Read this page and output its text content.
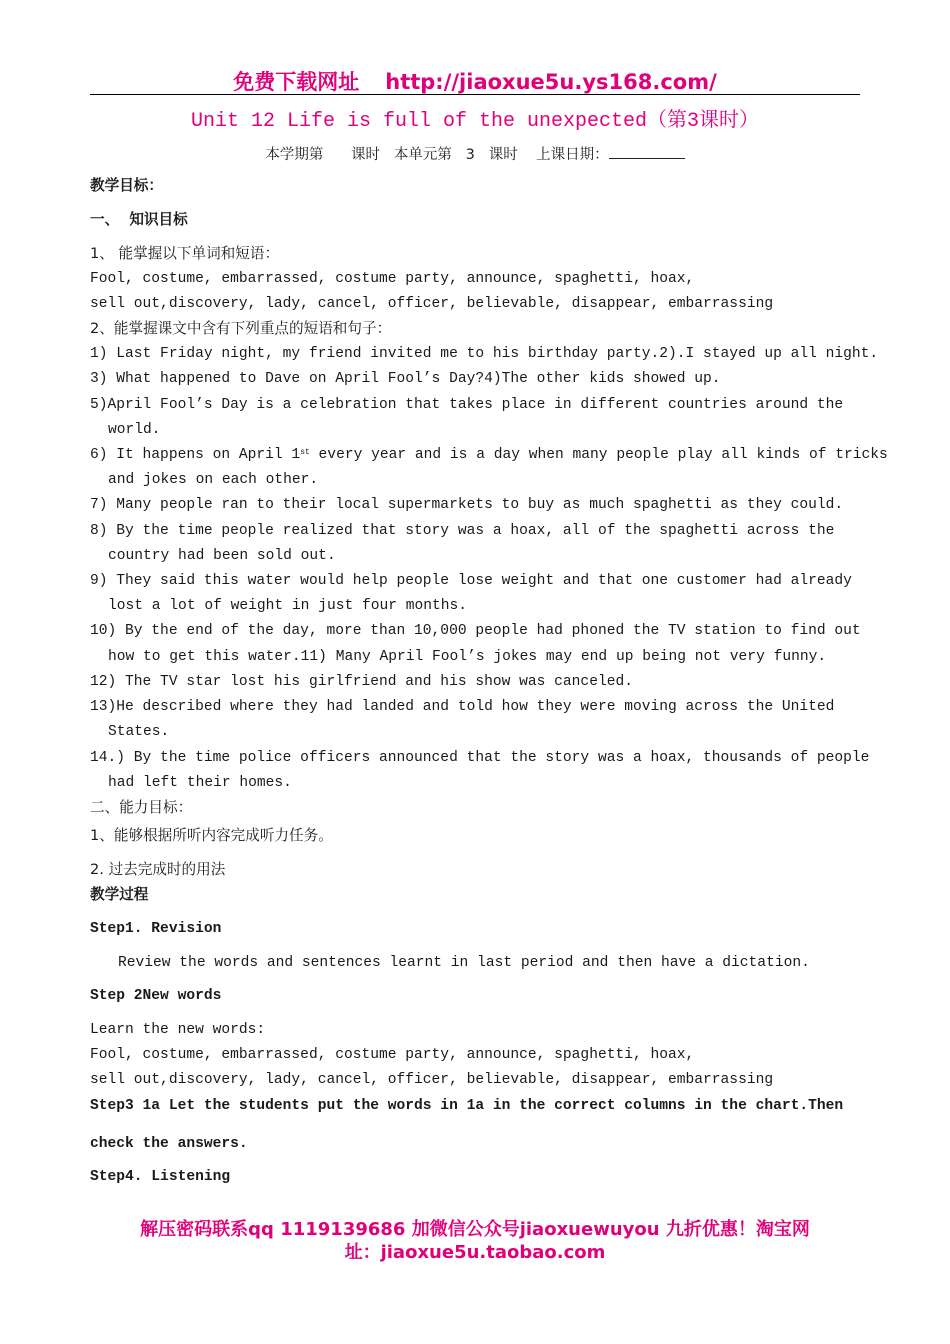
免费下载网址 http://jiaoxue5u.ys168.com/
Unit 12 Life is full of the unexpected（第3课时）
本学期第 课时 本单元第 3 课时 上课日期：
教学目标：
一、  知识目标
1、 能掌握以下单词和短语：
Fool, costume, embarrassed, costume party, announce, spaghetti, hoax,
sell out,discovery, lady, cancel, officer, believable, disappear, embarrassing
2、能掌握课文中含有下列重点的短语和句子：
1) Last Friday night, my friend invited me to his birthday party.2).I stayed up all night.
3) What happened to Dave on April Fool’s Day?4)The other kids showed up.
5)April Fool’s Day is a celebration that takes place in different countries around the
world.
6) It happens on April 1st every year and is a day when many people play all kinds of tricks
and jokes on each other.
7) Many people ran to their local supermarkets to buy as much spaghetti as they could.
8) By the time people realized that story was a hoax, all of the spaghetti across the
country had been sold out.
9) They said this water would help people lose weight and that one customer had already
lost a lot of weight in just four months.
10) By the end of the day, more than 10,000 people had phoned the TV station to find out
how to get this water.11) Many April Fool’s jokes may end up being not very funny.
12) The TV star lost his girlfriend and his show was canceled.
13)He described where they had landed and told how they were moving across the United
States.
14.) By the time police officers announced that the story was a hoax, thousands of people
had left their homes.
二、能力目标：
1、能够根据所听内容完成听力任务。
2. 过去完成时的用法
教学过程
Step1. Revision
Review the words and sentences learnt in last period and then have a dictation.
Step 2New words
Learn the new words:
Fool, costume, embarrassed, costume party, announce, spaghetti, hoax,
sell out,discovery, lady, cancel, officer, believable, disappear, embarrassing
Step3 1a Let the students put the words in 1a in the correct columns in the chart.Then
check the answers.
Step4. Listening
解压密码联系qq 1119139686 加微信公众号jiaoxuewuyou 九折优惠！淘宝网
址：jiaoxue5u.taobao.com
